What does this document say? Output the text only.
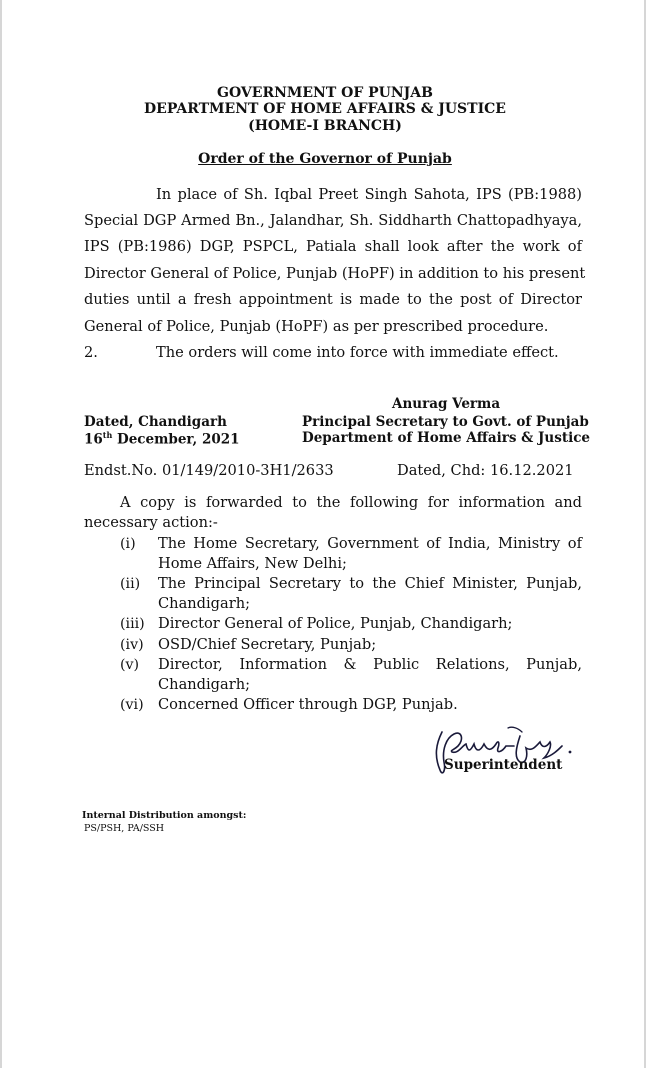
GOVERNMENT OF PUNJAB
DEPARTMENT OF HOME AFFAIRS & JUSTICE
(HOME-I BRANCH)
Order of the Governor of Punjab
In place of Sh. Iqbal Preet Singh Sahota, IPS (PB:1988)
Special DGP Armed Bn., Jalandhar, Sh. Siddharth Chattopadhyaya,
IPS (PB:1986) DGP, PSPCL, Patiala shall look after the work of
Director General of Police, Punjab (HoPF) in addition to his present
duties until a fresh appointment is made to the post of Director
General of Police, Punjab (HoPF) as per prescribed procedure.
2.	The orders will come into force with immediate effect.
Anurag Verma
Principal Secretary to Govt. of Punjab
Department of Home Affairs & Justice
Dated, Chandigarh
16th December, 2021
Endst.No. 01/149/2010-3H1/2633	Dated, Chd: 16.12.2021
A copy is forwarded to the following for information and
necessary action:-
(i) The Home Secretary, Government of India, Ministry of
Home Affairs, New Delhi;
(ii) The Principal Secretary to the Chief Minister, Punjab,
Chandigarh;
(iii) Director General of Police, Punjab, Chandigarh;
(iv) OSD/Chief Secretary, Punjab;
(v) Director, Information & Public Relations, Punjab,
Chandigarh;
(vi) Concerned Officer through DGP, Punjab.
Superintendent
Internal Distribution amongst:
PS/PSH, PA/SSH
